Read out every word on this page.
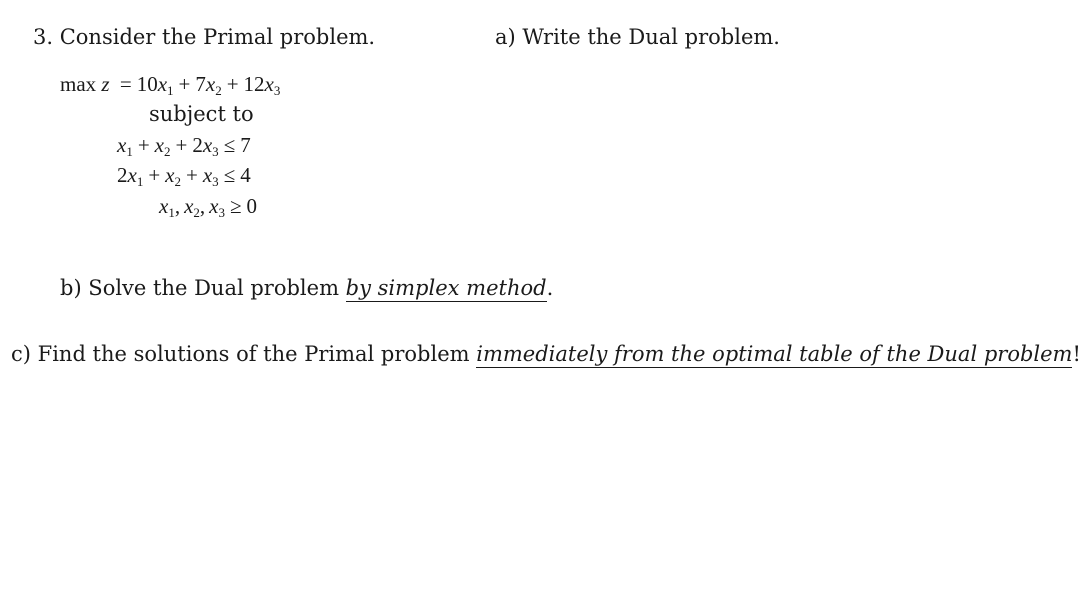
3. Consider the Primal problem.	a) Write the Dual problem.
$\max z = 10x_1 + 7x_2 + 12x_3$
subject to
$x_1 + x_2 + 2x_3 \le 7$
$2x_1 + x_2 + x_3 \le 4$
$x_1$, $x_2$, $x_3 \ge 0$
b) Solve the Dual problem by simplex method.
c) Find the solutions of the Primal problem immediately from the optimal table of the Dual problem!
